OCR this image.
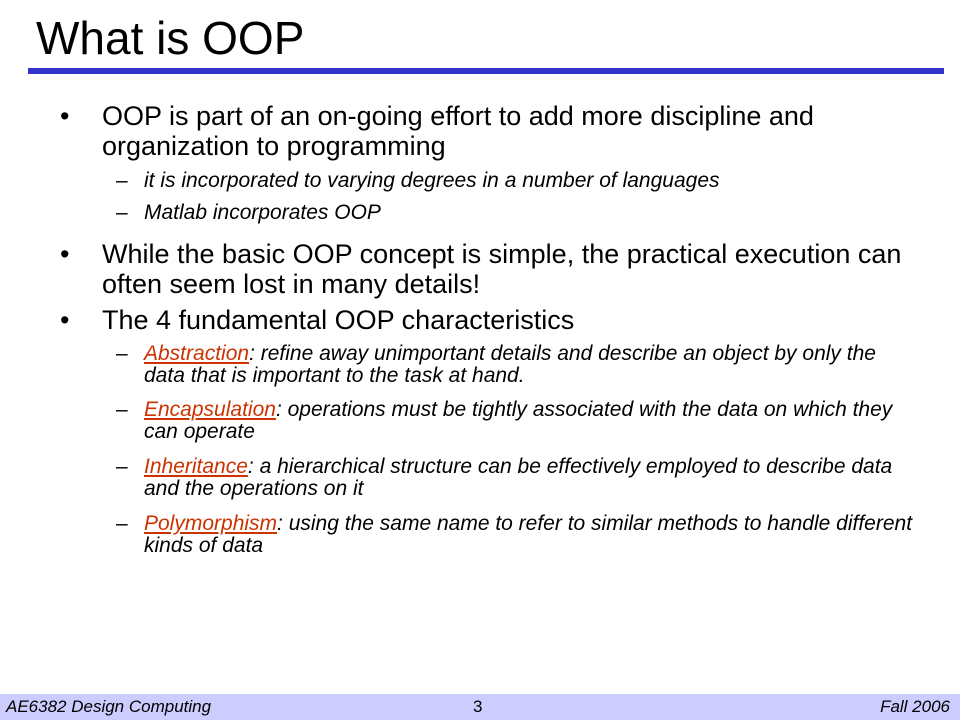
What is OOP
• OOP is part of an on-going effort to add more discipline and organization to programming
– it is incorporated to varying degrees in a number of languages
– Matlab incorporates OOP
• While the basic OOP concept is simple, the practical execution can often seem lost in many details!
• The 4 fundamental OOP characteristics
– Abstraction: refine away unimportant details and describe an object by only the data that is important to the task at hand.
– Encapsulation: operations must be tightly associated with the data on which they can operate
– Inheritance: a hierarchical structure can be effectively employed to describe data and the operations on it
– Polymorphism: using the same name to refer to similar methods to handle different kinds of data
AE6382 Design Computing	3	Fall 2006
